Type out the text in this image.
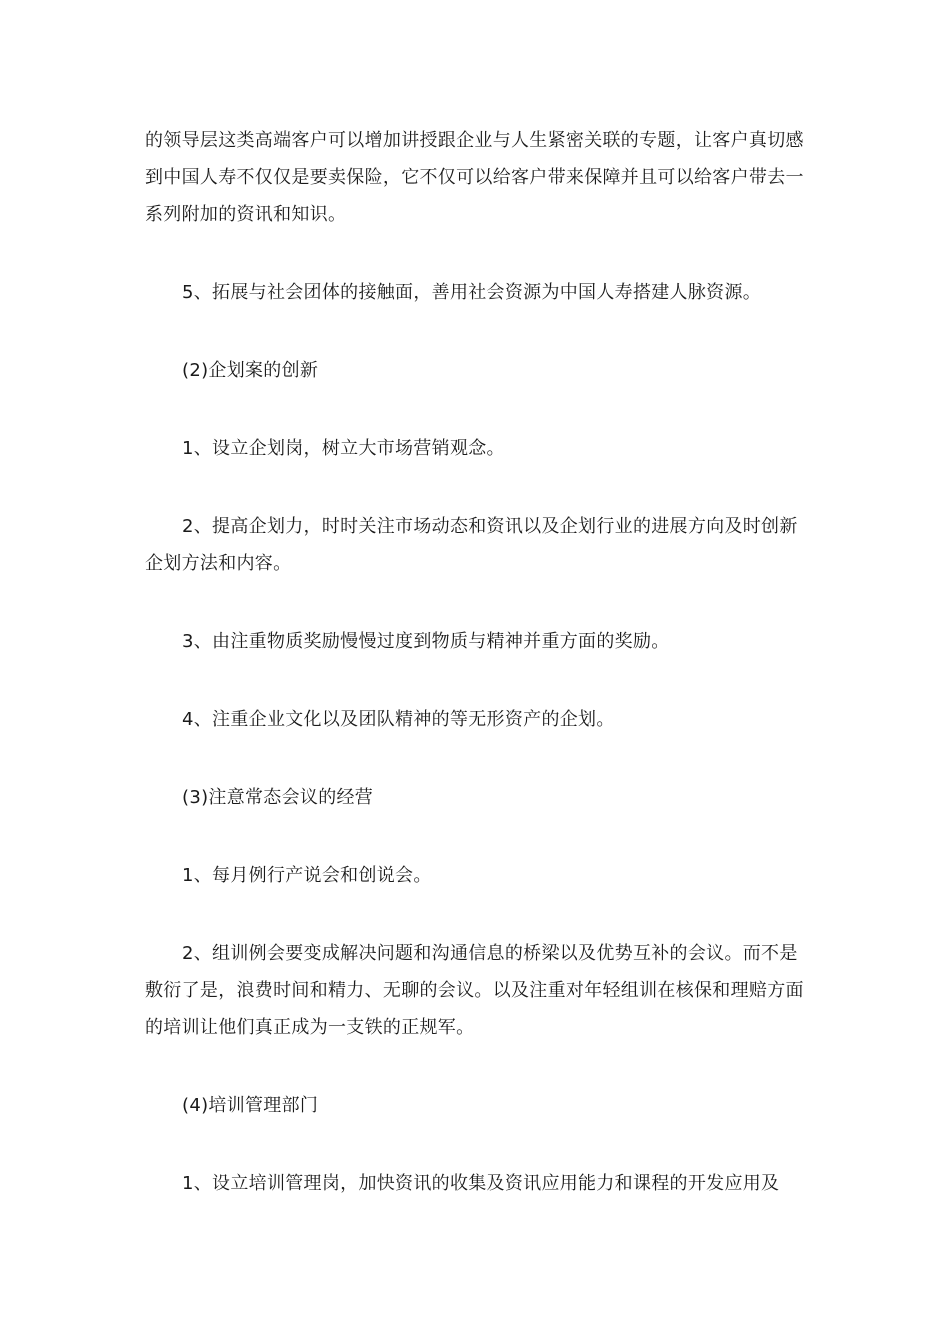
的领导层这类高端客户可以增加讲授跟企业与人生紧密关联的专题，让客户真切感到中国人寿不仅仅是要卖保险，它不仅可以给客户带来保障并且可以给客户带去一系列附加的资讯和知识。

5、拓展与社会团体的接触面，善用社会资源为中国人寿搭建人脉资源。

(2)企划案的创新

1、设立企划岗，树立大市场营销观念。

2、提高企划力，时时关注市场动态和资讯以及企划行业的进展方向及时创新企划方法和内容。

3、由注重物质奖励慢慢过度到物质与精神并重方面的奖励。

4、注重企业文化以及团队精神的等无形资产的企划。

(3)注意常态会议的经营

1、每月例行产说会和创说会。

2、组训例会要变成解决问题和沟通信息的桥梁以及优势互补的会议。而不是敷衍了是，浪费时间和精力、无聊的会议。以及注重对年轻组训在核保和理赔方面的培训让他们真正成为一支铁的正规军。

(4)培训管理部门

1、设立培训管理岗，加快资讯的收集及资讯应用能力和课程的开发应用及
